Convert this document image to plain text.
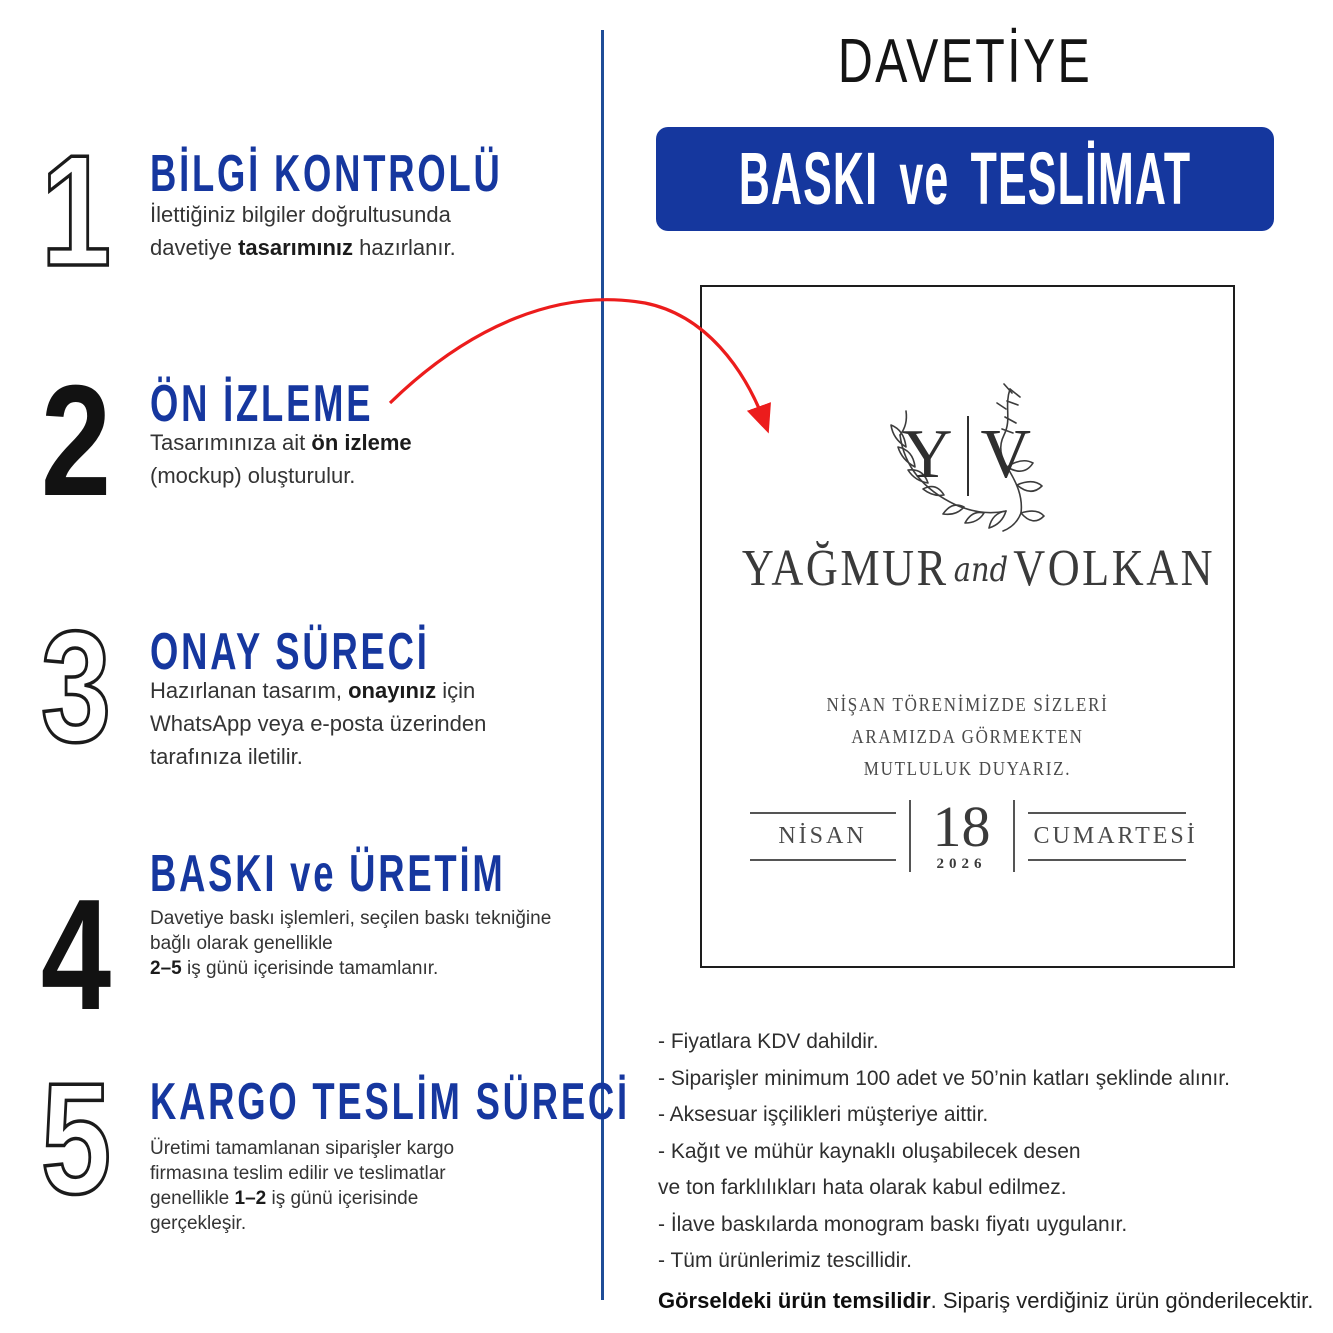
1 BİLGİ KONTROLÜ
İlettiğiniz bilgiler doğrultusunda davetiye tasarımınız hazırlanır.
2 ÖN İZLEME
Tasarımınıza ait ön izleme (mockup) oluşturulur.
3 ONAY SÜRECİ
Hazırlanan tasarım, onayınız için WhatsApp veya e-posta üzerinden tarafınıza iletilir.
4 BASKI ve ÜRETİM
Davetiye baskı işlemleri, seçilen baskı tekniğine bağlı olarak genellikle
2–5 iş günü içerisinde tamamlanır.
5 KARGO TESLİM SÜRECİ
Üretimi tamamlanan siparişler kargo firmasına teslim edilir ve teslimatlar genellikle 1–2 iş günü içerisinde gerçekleşir.
DAVETİYE
BASKI ve TESLİMAT
Y V
YAĞMUR andVOLKAN
NİŞAN TÖRENİMİZDE SİZLERİ
ARAMIZDA GÖRMEKTEN
MUTLULUK DUYARIZ.
NİSAN	18
2026
CUMARTESİ
- Fiyatlara KDV dahildir.
- Siparişler minimum 100 adet ve 50’nin katları şeklinde alınır.
- Aksesuar işçilikleri müşteriye aittir.
- Kağıt ve mühür kaynaklı oluşabilecek desen
ve ton farklılıkları hata olarak kabul edilmez.
- İlave baskılarda monogram baskı fiyatı uygulanır.
- Tüm ürünlerimiz tescillidir.
Görseldeki ürün temsilidir. Sipariş verdiğiniz ürün gönderilecektir.
